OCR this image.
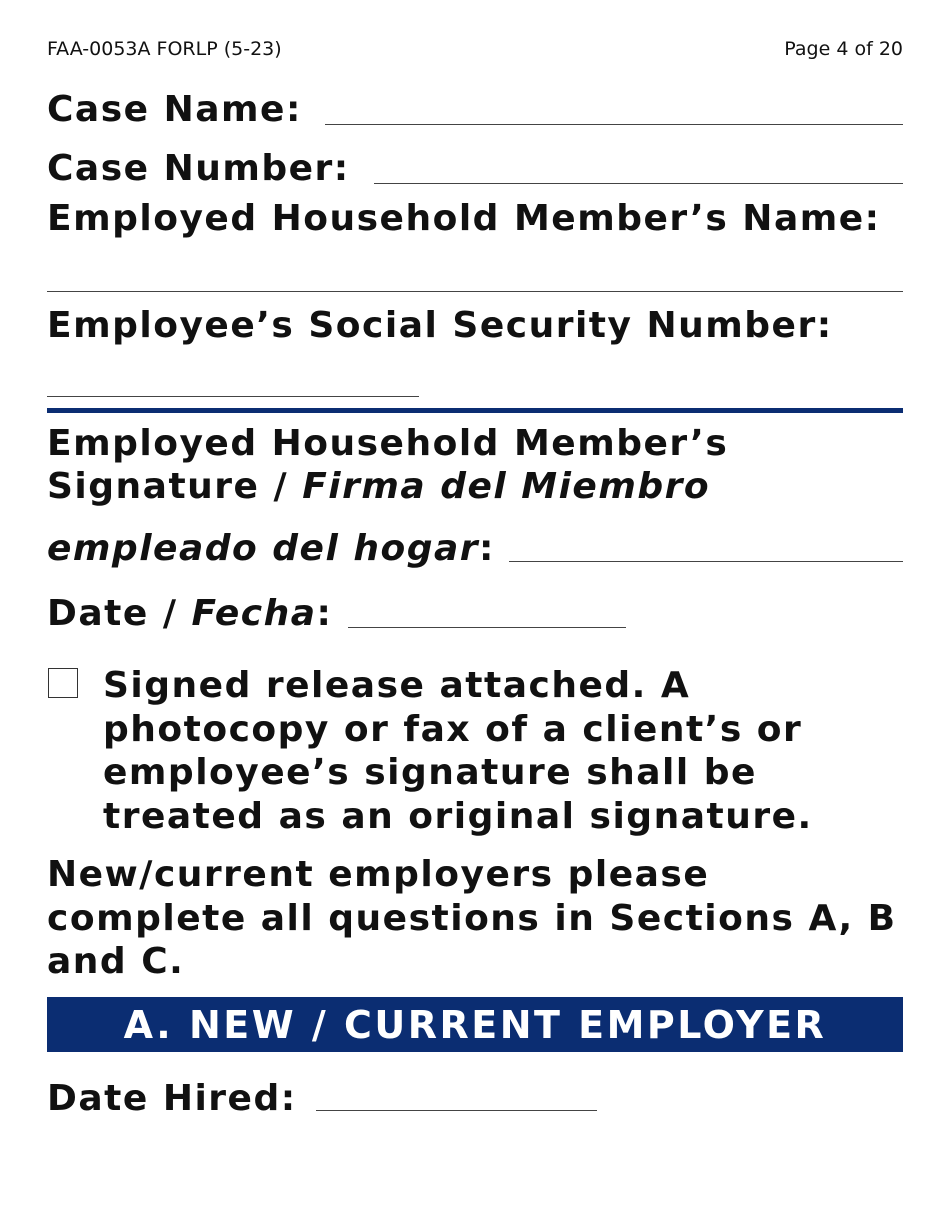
FAA-0053A FORLP (5-23)	Page 4 of 20
Case Name:
Case Number:
Employed Household Member’s Name:
Employee’s Social Security Number:
Employed Household Member’s
Signature / Firma del Miembro
empleado del hogar:
Date / Fecha:
Signed release attached. A photocopy or fax of a client’s or employee’s signature shall be treated as an original signature.
New/current employers please complete all questions in Sections A, B and C.
A. NEW / CURRENT EMPLOYER
Date Hired:
